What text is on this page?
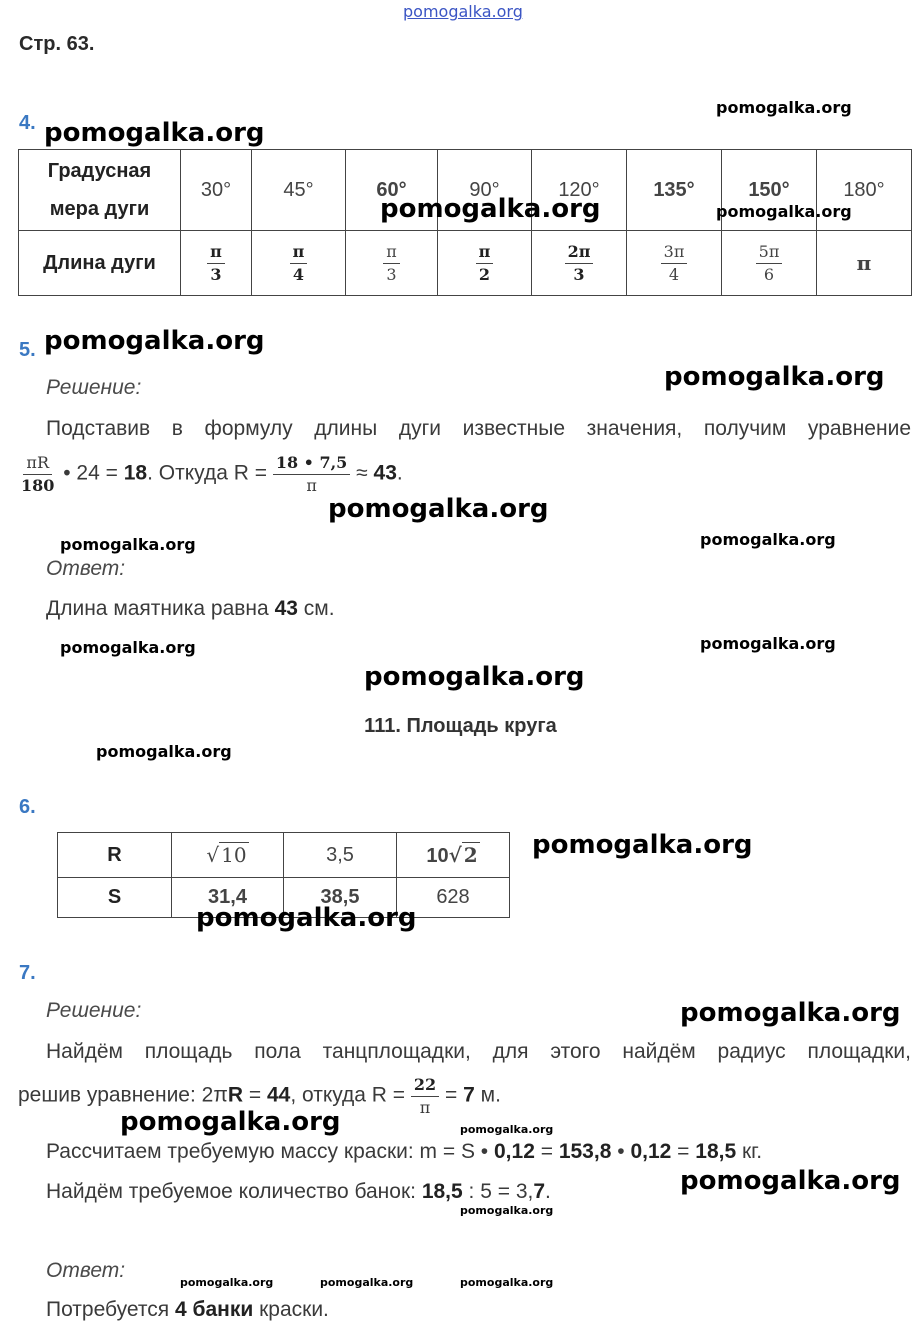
pomogalka.org
Стр. 63.
4.
Градусная
мера дуги	30°	45°	60°	90°	120°	135°	150°	180°
Длина дуги	$\frac{\pi}{3}$	$\frac{\pi}{4}$	$\frac{\pi}{3}$	$\frac{\pi}{2}$	$\frac{2\pi}{3}$	$\frac{3\pi}{4}$	$\frac{5\pi}{6}$	π
5.
Решение:
Подставив в формулу длины дуги известные значения, получим уравнение
$\frac{\pi R}{180}$ • 24 = 18. Откуда $R = \frac{18 • 7,5}{\pi} \approx 43$.
Ответ:
Длина маятника равна 43 см.
111. Площадь круга
6.
R	√ 10	3,5	10√ 2
S	31,4	38,5	628
7.
Решение:
Найдём площадь пола танцплощадки, для этого найдём радиус площадки,
решив уравнение: 2πR = 44, откуда $R = \frac{22}{\pi} = 7$ м.
Рассчитаем требуемую массу краски: m = S • 0,12 = 153,8 • 0,12 = 18,5 кг.
Найдём требуемое количество банок: 18,5 : 5 = 3,7.
Ответ:
Потребуется 4 банки краски.
pomogalka.org
pomogalka.org
pomogalka.org	pomogalka.org
pomogalka.org
pomogalka.org
pomogalka.org
pomogalka.org	pomogalka.org
pomogalka.org	pomogalka.org
pomogalka.org
pomogalka.org
pomogalka.org
pomogalka.org
pomogalka.org
pomogalka.org	pomogalka.org
pomogalka.org
pomogalka.org
pomogalka.org	pomogalka.org	pomogalka.org
